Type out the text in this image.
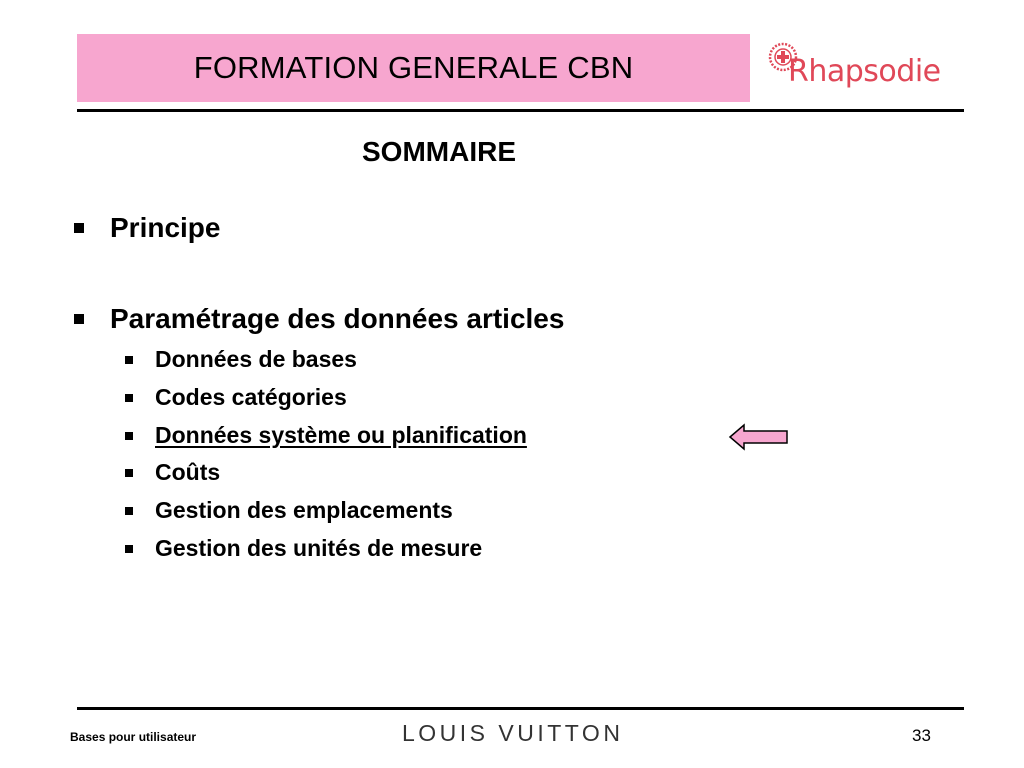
FORMATION GENERALE CBN	Rhapsodie
SOMMAIRE
Principe
Paramétrage des données articles
Données de bases
Codes catégories
Données système ou planification
Coûts
Gestion des emplacements
Gestion des unités de mesure
Bases pour utilisateur	LOUIS VUITTON	33
